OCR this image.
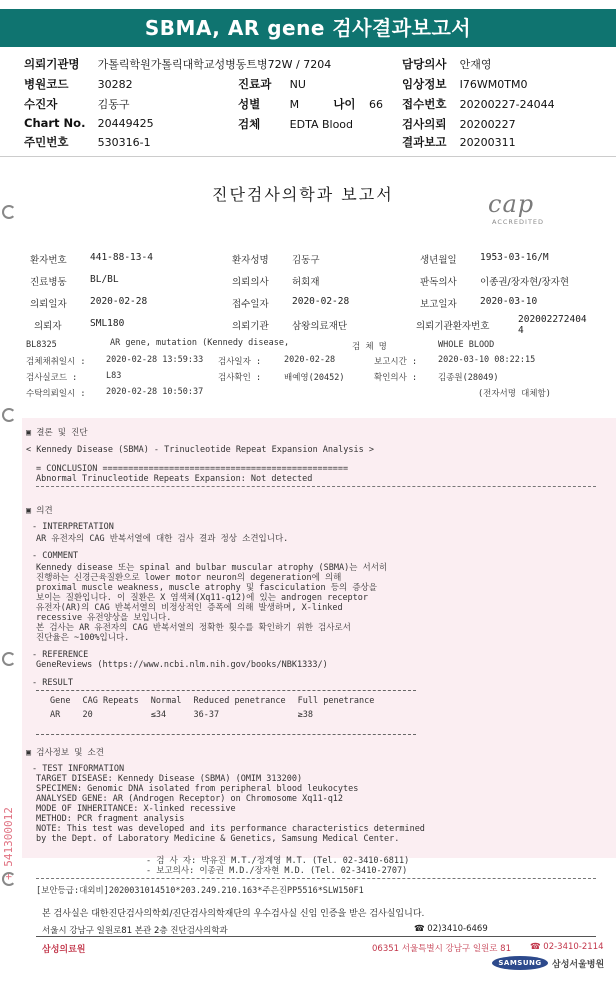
SBMA, AR gene 검사결과보고서
의뢰기관명 가톨릭학원가톨릭대학교성병동트병72W / 7204	담당의사 안재영
병원코드	30282	진료과 NU	임상정보 I76WM0TM0
수진자	김동구	성별	M	나이 66 접수번호 20200227-24044
Chart No. 20449425	검체	EDTA Blood	검사의뢰 20200227
주민번호	530316-1	결과보고 20200311
+ 541300012
진단검사의학과 보고서	cap
ACCREDITED
환자번호 441-88-13-4	환자성명 김동구	생년월일 1953-03-16/M
진료병동 BL/BL	의뢰의사 허회재	판독의사 이종권/장자현/장자현
의뢰일자 2020-02-28	접수일자 2020-02-28	보고일자 2020-03-10
의뢰자	SML180	의뢰기관 삼왕의료재단	의뢰기관환자번호
202002272404
4
BL8325	AR gene, mutation (Kennedy disease,	검 체 명	WHOLE BLOOD
검체채취일시 : 2020-02-28 13:59:33 검사일자 :	2020-02-28	보고시간 : 2020-03-10 08:22:15
검사실코드 :	L83	검사확인 :	배예영(20452)	확인의사 : 김종원(28049)
수탁의뢰일시 : 2020-02-28 10:50:37	(전자서명 대체함)
▣ 결론 및 진단
< Kennedy Disease (SBMA) - Trinucleotide Repeat Expansion Analysis >
= CONCLUSION ================================================
Abnormal Trinucleotide Repeats Expansion: Not detected
▣ 의견
- INTERPRETATION
AR 유전자의 CAG 반복서열에 대한 검사 결과 정상 소견입니다.
- COMMENT
Kennedy disease 또는 spinal and bulbar muscular atrophy (SBMA)는 서서히
진행하는 신경근육질환으로 lower motor neuron의 degeneration에 의해
proximal muscle weakness, muscle atrophy 및 fasciculation 등의 증상을
보이는 질환입니다. 이 질환은 X 염색체(Xq11-q12)에 있는 androgen receptor
유전자(AR)의 CAG 반복서열의 비정상적인 증폭에 의해 발생하며, X-linked
recessive 유전양상을 보입니다.
본 검사는 AR 유전자의 CAG 반복서열의 정확한 횟수를 확인하기 위한 검사로서
진단율은 ~100%입니다.
- REFERENCE
GeneReviews (https://www.ncbi.nlm.nih.gov/books/NBK1333/)
- RESULT
Gene	CAG Repeats	Normal	Reduced penetrance	Full penetrance
AR	20	≤34	36-37	≥38
▣ 검사정보 및 소견
- TEST INFORMATION
TARGET DISEASE: Kennedy Disease (SBMA) (OMIM 313200)
SPECIMEN: Genomic DNA isolated from peripheral blood leukocytes
ANALYSED GENE: AR (Androgen Receptor) on Chromosome Xq11-q12
MODE OF INHERITANCE: X-linked recessive
METHOD: PCR fragment analysis
NOTE: This test was developed and its performance characteristics determined
by the Dept. of Laboratory Medicine & Genetics, Samsung Medical Center.
- 검 사 자: 박유진 M.T./정계영 M.T. (Tel. 02-3410-6811)
- 보고의사: 이종권 M.D./장자현 M.D. (Tel. 02-3410-2707)
[보안등급:대외비]2020031014510*203.249.210.163*주은진PP5516*SLW150F1
본 검사실은 대한진단검사의학회/진단검사의학재단의 우수검사실 신임 인증을 받은 검사실입니다.
서울시 강남구 일원로81 본관 2층 진단검사의학과	☎ 02)3410-6469
삼성의료원	06351 서울특별시 강남구 일원로 81 ☎ 02-3410-2114
SAMSUNG	삼성서울병원
